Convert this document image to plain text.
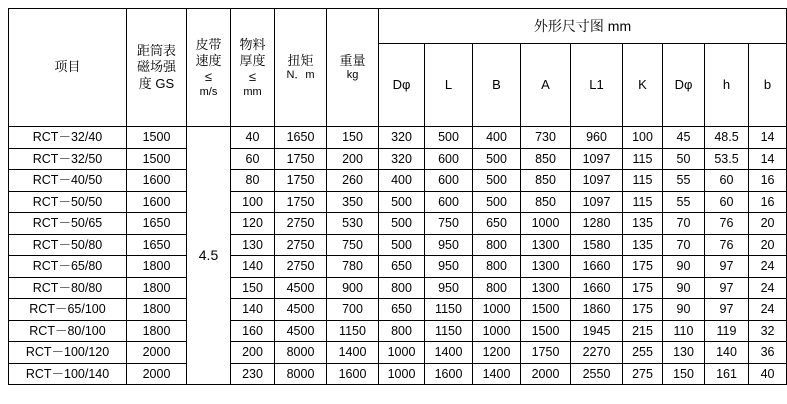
项目	距筒表
磁场强
度 GS	皮带
速度
≤
m/s	物料
厚度
≤
mm	扭矩
N．m	重量
kg	外形尺寸图 mm								
						Dφ	L	B	A	L1	K	Dφ	h	b
RCT－32/40	1500	4.5	40	1650	150	320	500	400	730	960	100	45	48.5	14
RCT－32/50	1500		60	1750	200	320	600	500	850	1097	115	50	53.5	14
RCT－40/50	1600		80	1750	260	400	600	500	850	1097	115	55	60	16
RCT－50/50	1600		100	1750	350	500	600	500	850	1097	115	55	60	16
RCT－50/65	1650		120	2750	530	500	750	650	1000	1280	135	70	76	20
RCT－50/80	1650		130	2750	750	500	950	800	1300	1580	135	70	76	20
RCT－65/80	1800		140	2750	780	650	950	800	1300	1660	175	90	97	24
RCT－80/80	1800		150	4500	900	800	950	800	1300	1660	175	90	97	24
RCT－65/100	1800		140	4500	700	650	1150	1000	1500	1860	175	90	97	24
RCT－80/100	1800		160	4500	1150	800	1150	1000	1500	1945	215	110	119	32
RCT－100/120	2000		200	8000	1400	1000	1400	1200	1750	2270	255	130	140	36
RCT－100/140	2000		230	8000	1600	1000	1600	1400	2000	2550	275	150	161	40
